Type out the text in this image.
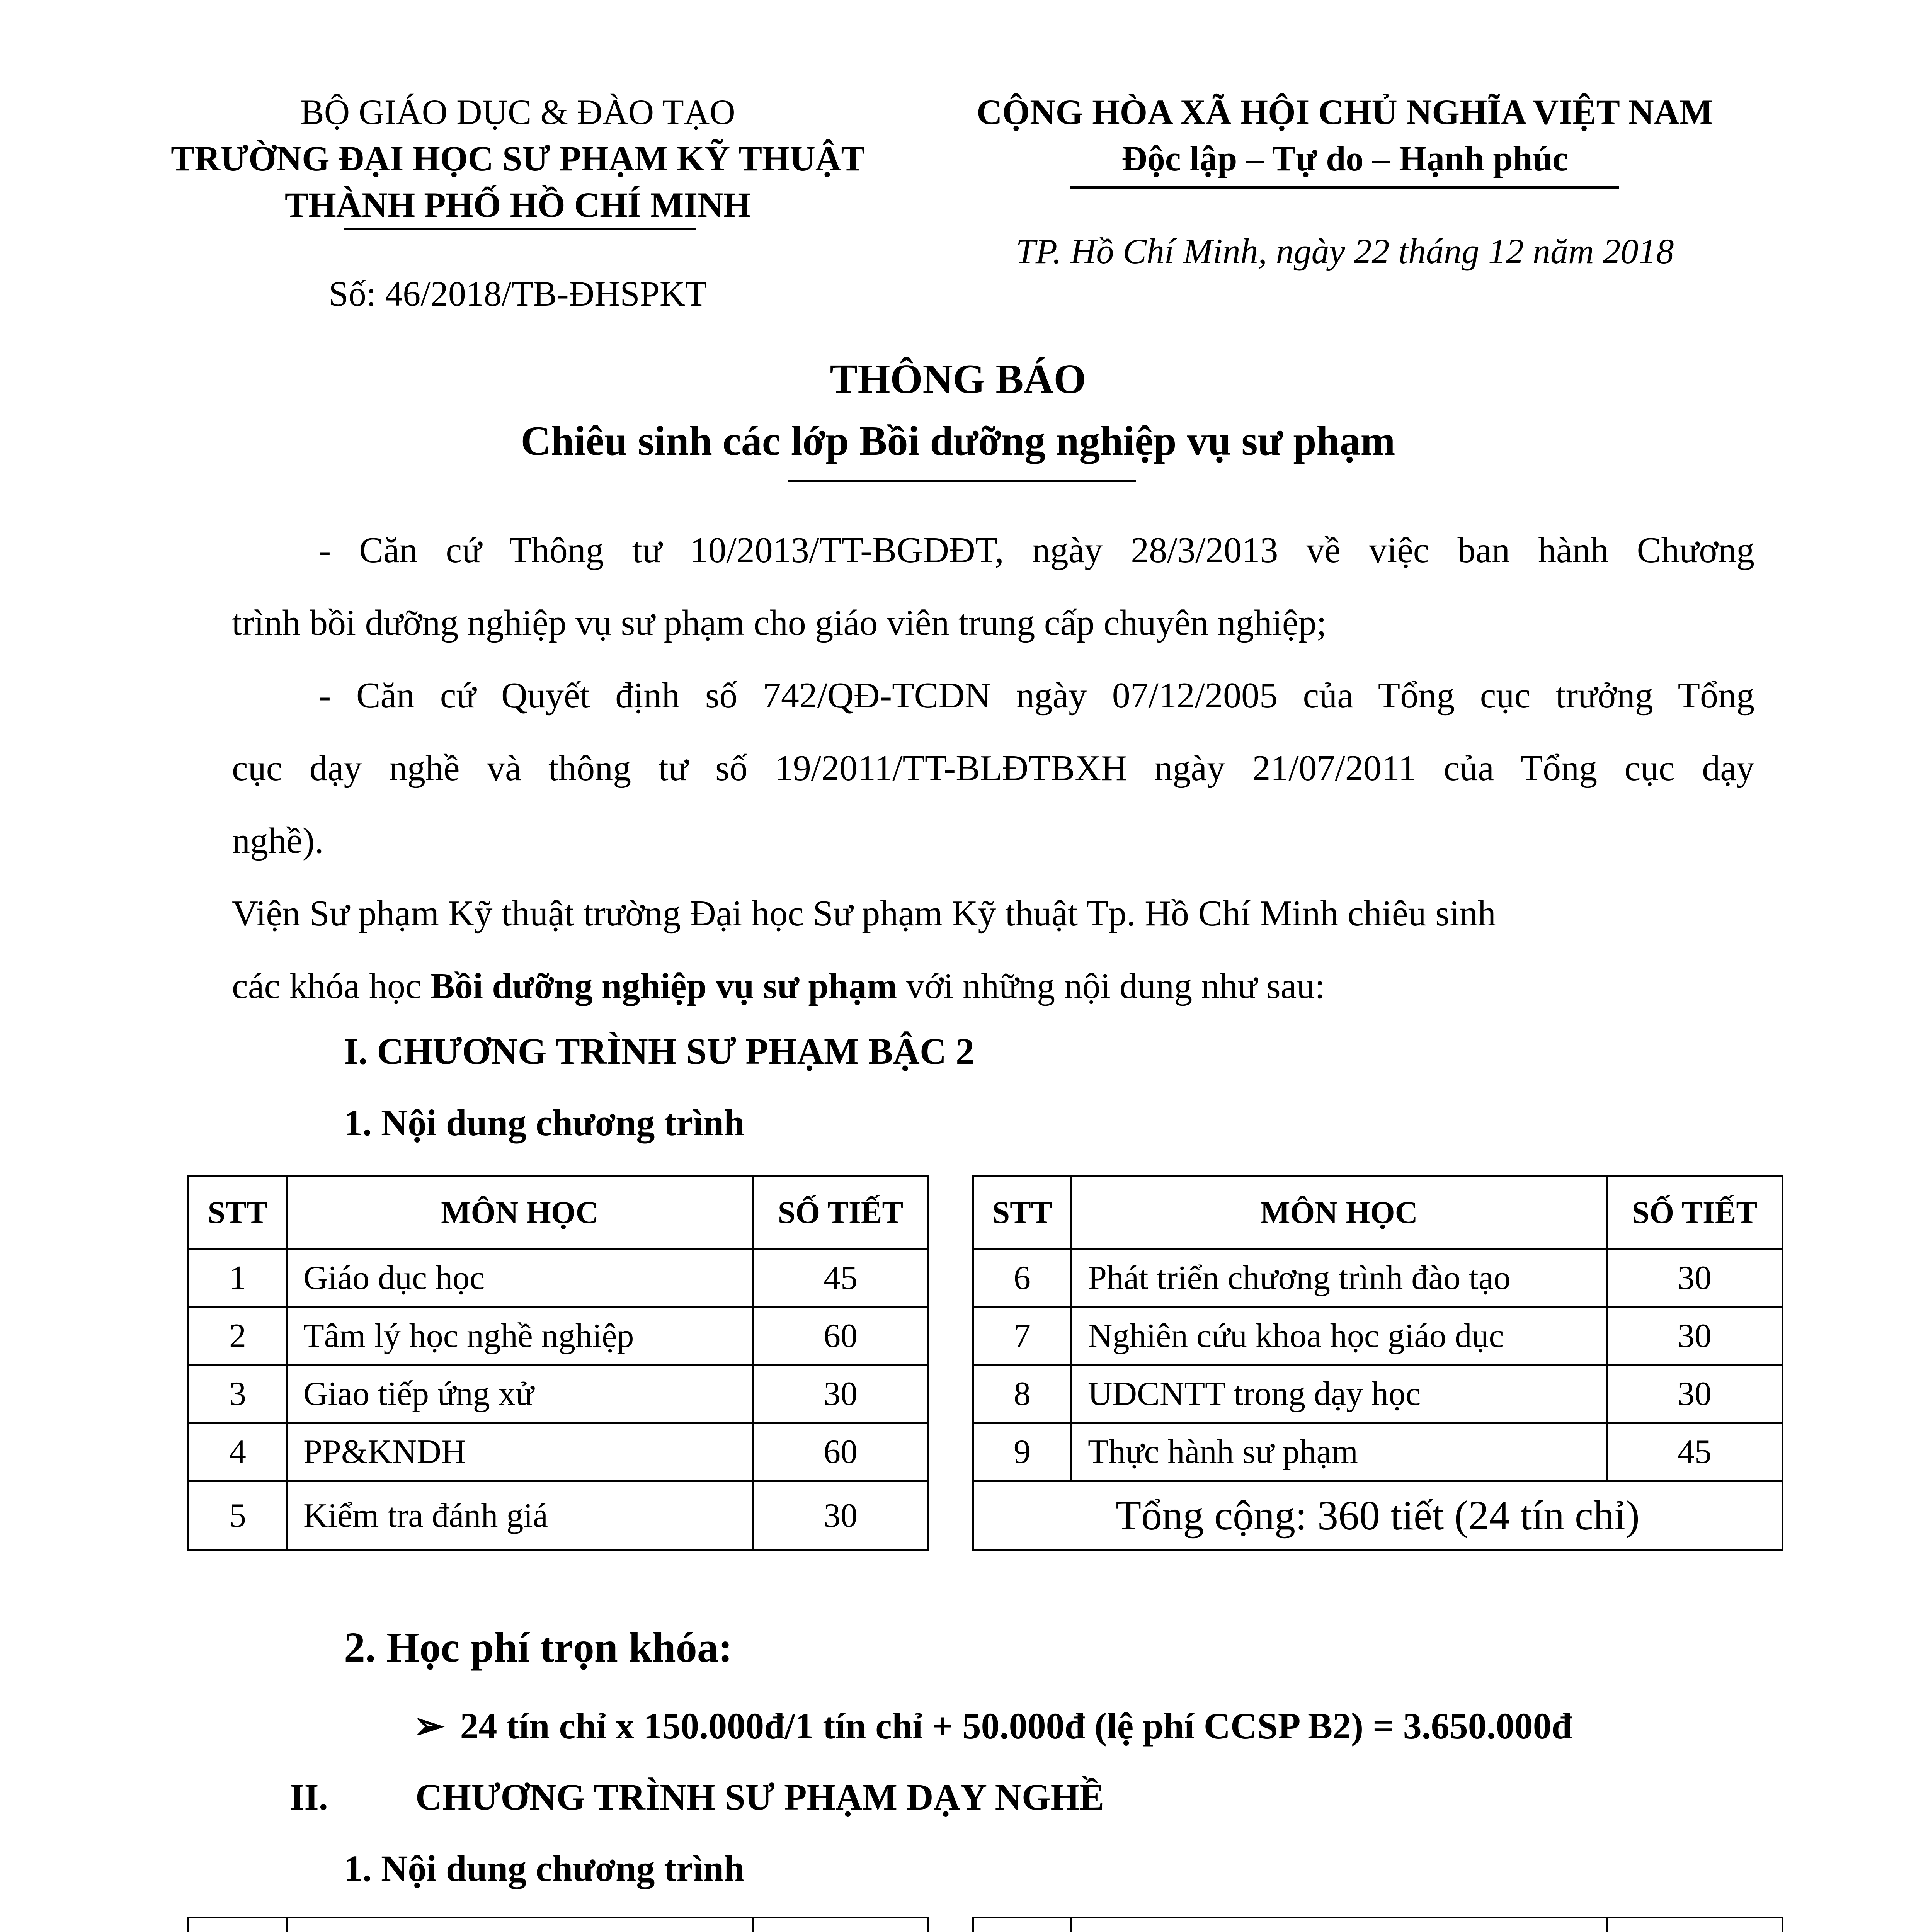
BỘ GIÁO DỤC & ĐÀO TẠO
TRƯỜNG ĐẠI HỌC SƯ PHẠM KỸ THUẬT
THÀNH PHỐ HỒ CHÍ MINH
Số: 46/2018/TB-ĐHSPKT
CỘNG HÒA XÃ HỘI CHỦ NGHĨA VIỆT NAM
Độc lập – Tự do – Hạnh phúc
TP. Hồ Chí Minh, ngày 22 tháng 12 năm 2018
THÔNG BÁO
Chiêu sinh các lớp Bồi dưỡng nghiệp vụ sư phạm
- Căn cứ Thông tư 10/2013/TT-BGDĐT, ngày 28/3/2013 về việc ban hành Chương
trình bồi dưỡng nghiệp vụ sư phạm cho giáo viên trung cấp chuyên nghiệp;
- Căn cứ Quyết định số 742/QĐ-TCDN ngày 07/12/2005 của Tổng cục trưởng Tổng
cục dạy nghề và thông tư số 19/2011/TT-BLĐTBXH ngày 21/07/2011 của Tổng cục dạy
nghề).
Viện Sư phạm Kỹ thuật trường Đại học Sư phạm Kỹ thuật Tp. Hồ Chí Minh chiêu sinh
các khóa học Bồi dưỡng nghiệp vụ sư phạm với những nội dung như sau:
I. CHƯƠNG TRÌNH SƯ PHẠM BẬC 2
1. Nội dung chương trình
STT	MÔN HỌC	SỐ TIẾT
1	Giáo dục học	45
2	Tâm lý học nghề nghiệp	60
3	Giao tiếp ứng xử	30
4	PP&KNDH	60
5	Kiểm tra đánh giá	30
STT	MÔN HỌC	SỐ TIẾT
6	Phát triển chương trình đào tạo	30
7	Nghiên cứu khoa học giáo dục	30
8	UDCNTT trong dạy học	30
9	Thực hành sư phạm	45
Tổng cộng: 360 tiết (24 tín chỉ)		
2. Học phí trọn khóa:
➢ 24 tín chỉ x 150.000đ/1 tín chỉ + 50.000đ (lệ phí CCSP B2) = 3.650.000đ
II. CHƯƠNG TRÌNH SƯ PHẠM DẠY NGHỀ
1. Nội dung chương trình
